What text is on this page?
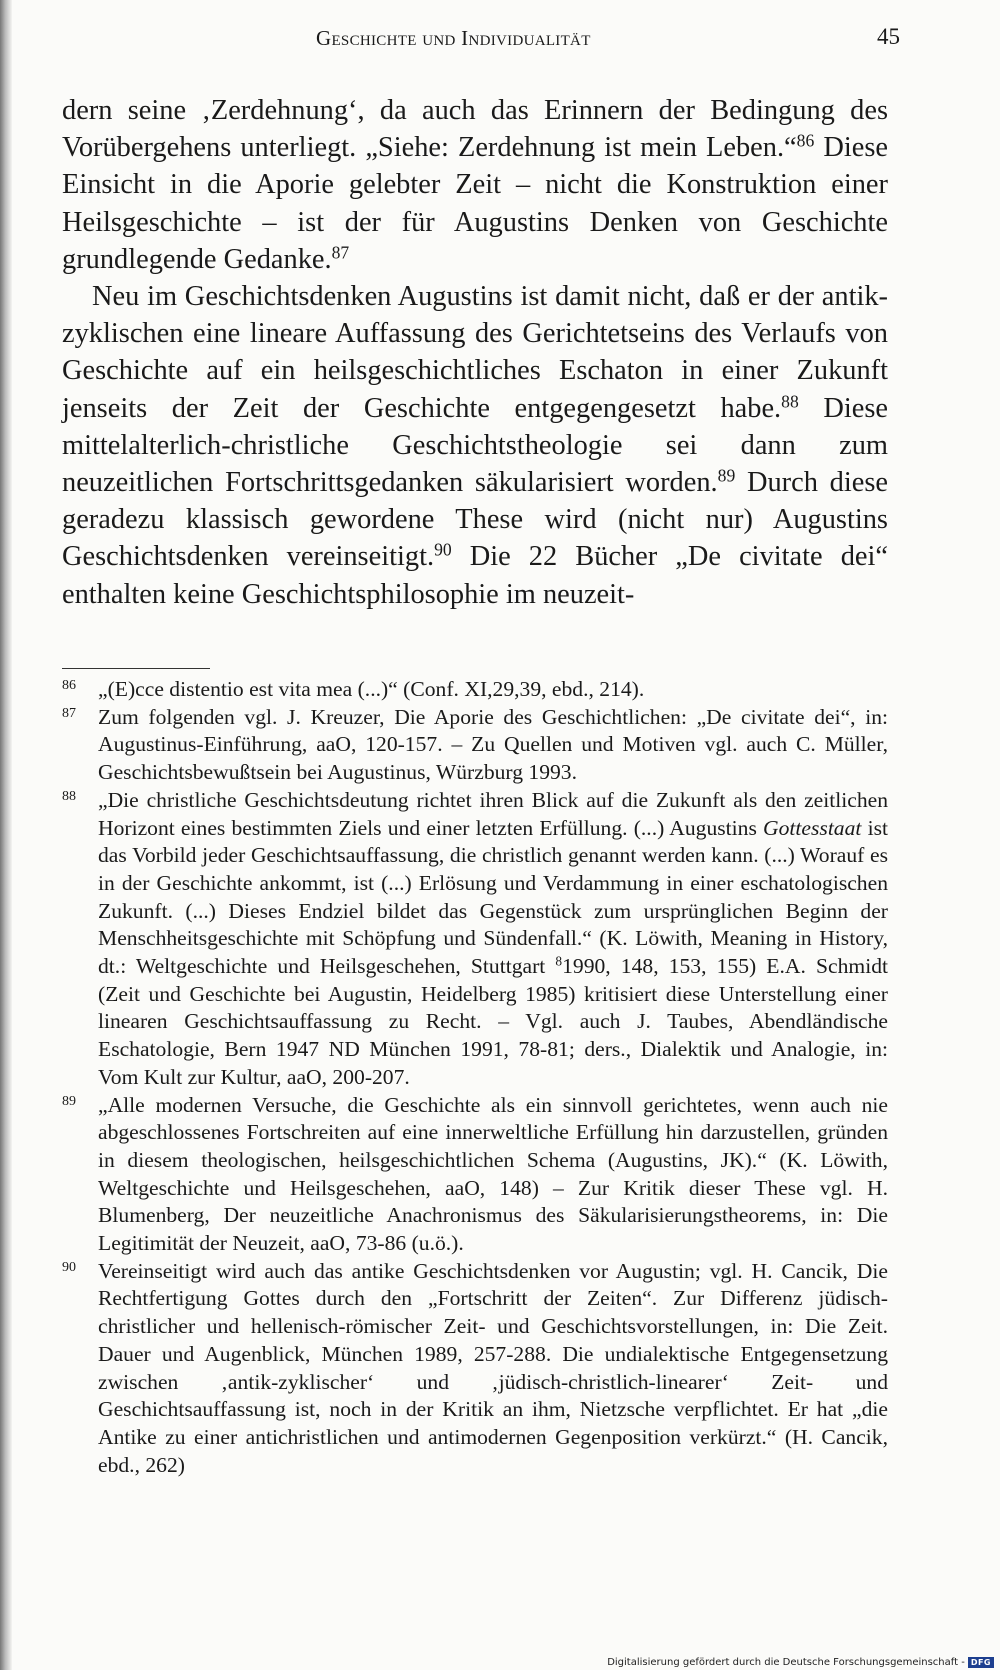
Geschichte und Individualität	45

dern seine ‚Zerdehnung‘, da auch das Erinnern der Bedingung des Vorübergehens unterliegt. „Siehe: Zerdehnung ist mein Leben.“$^{86}$ Diese Einsicht in die Aporie gelebter Zeit – nicht die Konstruktion einer Heilsgeschichte – ist der für Augustins Denken von Geschichte grundlegende Gedanke.$^{87}$

Neu im Geschichtsdenken Augustins ist damit nicht, daß er der antik-zyklischen eine lineare Auffassung des Gerichtetseins des Verlaufs von Geschichte auf ein heilsgeschichtliches Eschaton in einer Zukunft jenseits der Zeit der Geschichte entgegengesetzt habe.$^{88}$ Diese mittelalterlich-christliche Geschichtstheologie sei dann zum neuzeitlichen Fortschrittsgedanken säkularisiert worden.$^{89}$ Durch diese geradezu klassisch gewordene These wird (nicht nur) Augustins Geschichtsdenken vereinseitigt.$^{90}$ Die 22 Bücher „De civitate dei“ enthalten keine Geschichtsphilosophie im neuzeit-

86 „(E)cce distentio est vita mea (...)“ (Conf. XI,29,39, ebd., 214).
87 Zum folgenden vgl. J. Kreuzer, Die Aporie des Geschichtlichen: „De civitate dei“, in: Augustinus-Einführung, aaO, 120-157. – Zu Quellen und Motiven vgl. auch C. Müller, Geschichtsbewußtsein bei Augustinus, Würzburg 1993.
88 „Die christliche Geschichtsdeutung richtet ihren Blick auf die Zukunft als den zeitlichen Horizont eines bestimmten Ziels und einer letzten Erfüllung. (...) Augustins Gottesstaat ist das Vorbild jeder Geschichtsauffassung, die christlich genannt werden kann. (...) Worauf es in der Geschichte ankommt, ist (...) Erlösung und Verdammung in einer eschatologischen Zukunft. (...) Dieses Endziel bildet das Gegenstück zum ursprünglichen Beginn der Menschheitsgeschichte mit Schöpfung und Sündenfall.“ (K. Löwith, Meaning in History, dt.: Weltgeschichte und Heilsgeschehen, Stuttgart $^8$1990, 148, 153, 155) E.A. Schmidt (Zeit und Geschichte bei Augustin, Heidelberg 1985) kritisiert diese Unterstellung einer linearen Geschichtsauffassung zu Recht. – Vgl. auch J. Taubes, Abendländische Eschatologie, Bern 1947 ND München 1991, 78-81; ders., Dialektik und Analogie, in: Vom Kult zur Kultur, aaO, 200-207.
89 „Alle modernen Versuche, die Geschichte als ein sinnvoll gerichtetes, wenn auch nie abgeschlossenes Fortschreiten auf eine innerweltliche Erfüllung hin darzustellen, gründen in diesem theologischen, heilsgeschichtlichen Schema (Augustins, JK).“ (K. Löwith, Weltgeschichte und Heilsgeschehen, aaO, 148) – Zur Kritik dieser These vgl. H. Blumenberg, Der neuzeitliche Anachronismus des Säkularisierungstheorems, in: Die Legitimität der Neuzeit, aaO, 73-86 (u.ö.).
90 Vereinseitigt wird auch das antike Geschichtsdenken vor Augustin; vgl. H. Cancik, Die Rechtfertigung Gottes durch den „Fortschritt der Zeiten“. Zur Differenz jüdisch-christlicher und hellenisch-römischer Zeit- und Geschichtsvorstellungen, in: Die Zeit. Dauer und Augenblick, München 1989, 257-288. Die undialektische Entgegensetzung zwischen ‚antik-zyklischer‘ und ‚jüdisch-christlich-linearer‘ Zeit- und Geschichtsauffassung ist, noch in der Kritik an ihm, Nietzsche verpflichtet. Er hat „die Antike zu einer antichristlichen und antimodernen Gegenposition verkürzt.“ (H. Cancik, ebd., 262)
Digitalisierung gefördert durch die Deutsche Forschungsgemeinschaft - DFG
